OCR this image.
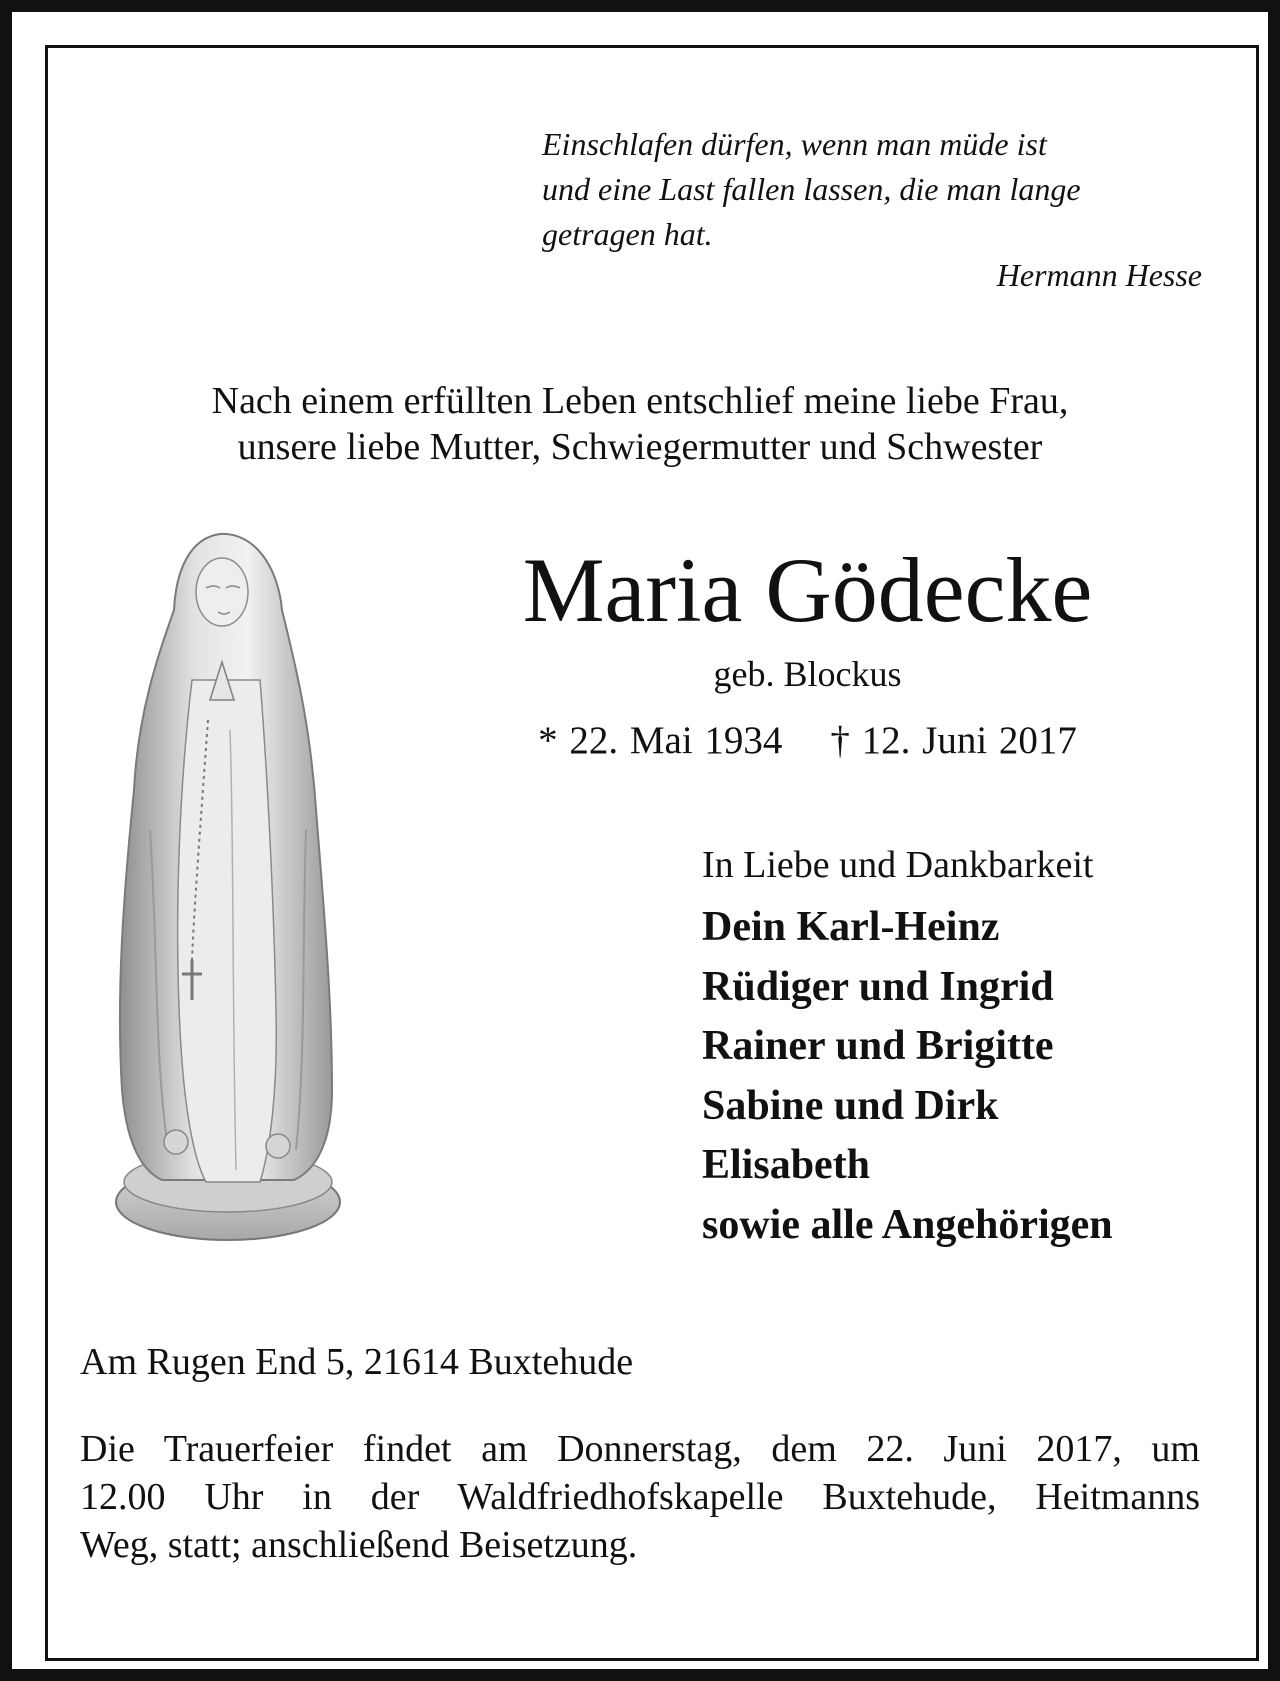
Einschlafen dürfen, wenn man müde ist
und eine Last fallen lassen, die man lange
getragen hat.
Hermann Hesse
Nach einem erfüllten Leben entschlief meine liebe Frau,
unsere liebe Mutter, Schwiegermutter und Schwester
Maria Gödecke
geb. Blockus
* 22. Mai 1934 † 12. Juni 2017
In Liebe und Dankbarkeit
Dein Karl-Heinz
Rüdiger und Ingrid
Rainer und Brigitte
Sabine und Dirk
Elisabeth
sowie alle Angehörigen
Am Rugen End 5, 21614 Buxtehude
Die Trauerfeier findet am Donnerstag, dem 22. Juni 2017, um
12.00 Uhr in der Waldfriedhofskapelle Buxtehude, Heitmanns
Weg, statt; anschließend Beisetzung.
